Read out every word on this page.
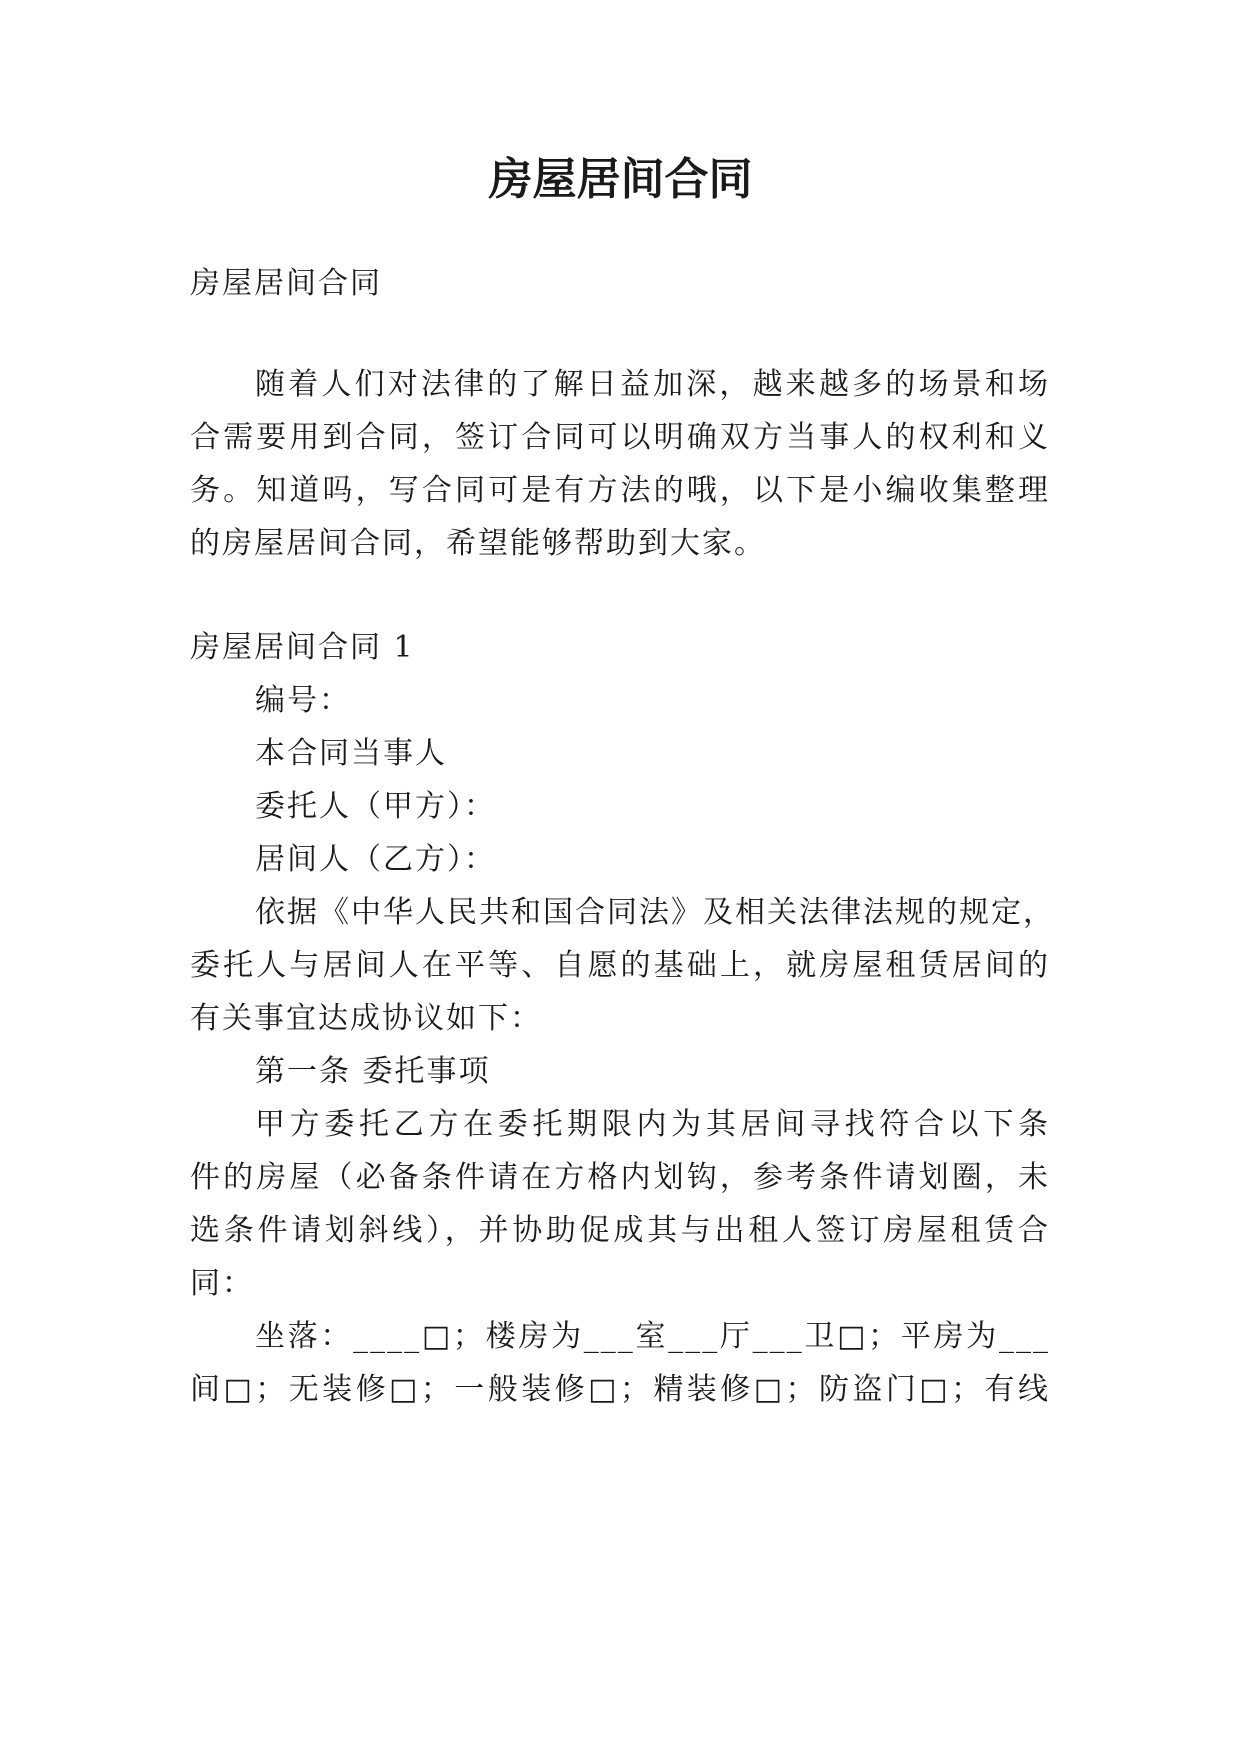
房屋居间合同

房屋居间合同

随着人们对法律的了解日益加深，越来越多的场景和场

合需要用到合同，签订合同可以明确双方当事人的权利和义

务。知道吗，写合同可是有方法的哦，以下是小编收集整理

的房屋居间合同，希望能够帮助到大家。

房屋居间合同 1

编号：

本合同当事人

委托人（甲方）：

居间人（乙方）：

依据《中华人民共和国合同法》及相关法律法规的规定，

委托人与居间人在平等、自愿的基础上，就房屋租赁居间的

有关事宜达成协议如下：

第一条 委托事项

甲方委托乙方在委托期限内为其居间寻找符合以下条

件的房屋（必备条件请在方格内划钩，参考条件请划圈，未

选条件请划斜线），并协助促成其与出租人签订房屋租赁合

同：

坐落：____□；楼房为___室___厅___卫□；平房为___

间□；无装修□；一般装修□；精装修□；防盗门□；有线
